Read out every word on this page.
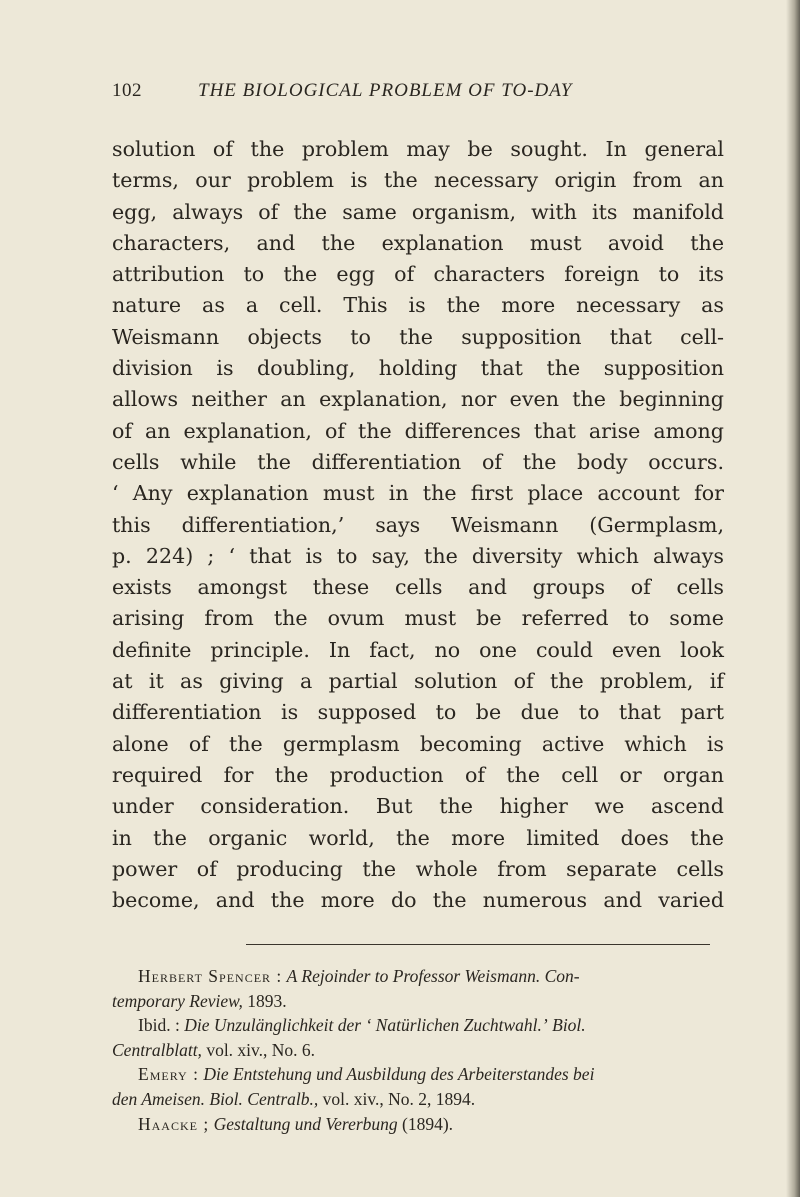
102	THE BIOLOGICAL PROBLEM OF TO-DAY
solution of the problem may be sought. In general
terms, our problem is the necessary origin from an
egg, always of the same organism, with its manifold
characters, and the explanation must avoid the
attribution to the egg of characters foreign to its
nature as a cell. This is the more necessary as
Weismann objects to the supposition that cell-
division is doubling, holding that the supposition
allows neither an explanation, nor even the beginning
of an explanation, of the differences that arise among
cells while the differentiation of the body occurs.
‘ Any explanation must in the first place account for
this differentiation,’ says Weismann (Germplasm,
p. 224) ; ‘ that is to say, the diversity which always
exists amongst these cells and groups of cells
arising from the ovum must be referred to some
definite principle. In fact, no one could even look
at it as giving a partial solution of the problem, if
differentiation is supposed to be due to that part
alone of the germplasm becoming active which is
required for the production of the cell or organ
under consideration. But the higher we ascend
in the organic world, the more limited does the
power of producing the whole from separate cells
become, and the more do the numerous and varied
Herbert Spencer : A Rejoinder to Professor Weismann. Con-
temporary Review, 1893.
Ibid. : Die Unzulänglichkeit der ‘ Natürlichen Zuchtwahl.’ Biol.
Centralblatt, vol. xiv., No. 6.
Emery : Die Entstehung und Ausbildung des Arbeiterstandes bei
den Ameisen. Biol. Centralb., vol. xiv., No. 2, 1894.
Haacke ; Gestaltung und Vererbung (1894).
